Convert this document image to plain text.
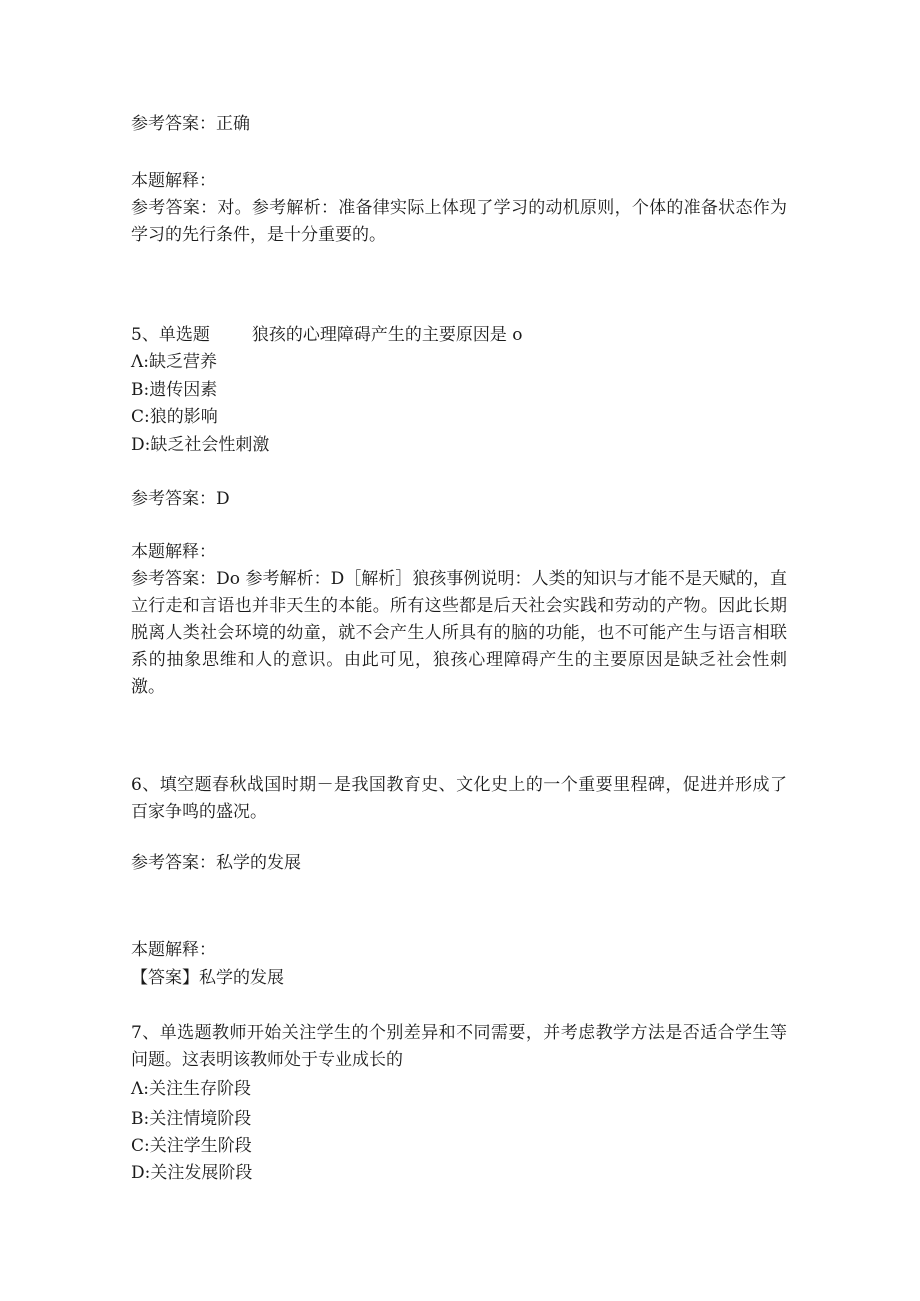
参考答案：正确
本题解释：
参考答案：对。参考解析：准备律实际上体现了学习的动机原则，个体的准备状态作为学习的先行条件，是十分重要的。
5、单选题 狼孩的心理障碍产生的主要原因是 o
Λ:缺乏营养
B:遗传因素
C:狼的影响
D:缺乏社会性刺激
参考答案：D
本题解释：
参考答案：Do 参考解析：D［解析］狼孩事例说明：人类的知识与才能不是天赋的，直立行走和言语也并非天生的本能。所有这些都是后天社会实践和劳动的产物。因此长期脱离人类社会环境的幼童，就不会产生人所具有的脑的功能，也不可能产生与语言相联系的抽象思维和人的意识。由此可见，狼孩心理障碍产生的主要原因是缺乏社会性刺激。
6、填空题春秋战国时期－是我国教育史、文化史上的一个重要里程碑，促进并形成了百家争鸣的盛况。
参考答案：私学的发展
本题解释：
【答案】私学的发展
7、单选题教师开始关注学生的个别差异和不同需要，并考虑教学方法是否适合学生等问题。这表明该教师处于专业成长的
Λ:关注生存阶段
B:关注情境阶段
C:关注学生阶段
D:关注发展阶段
